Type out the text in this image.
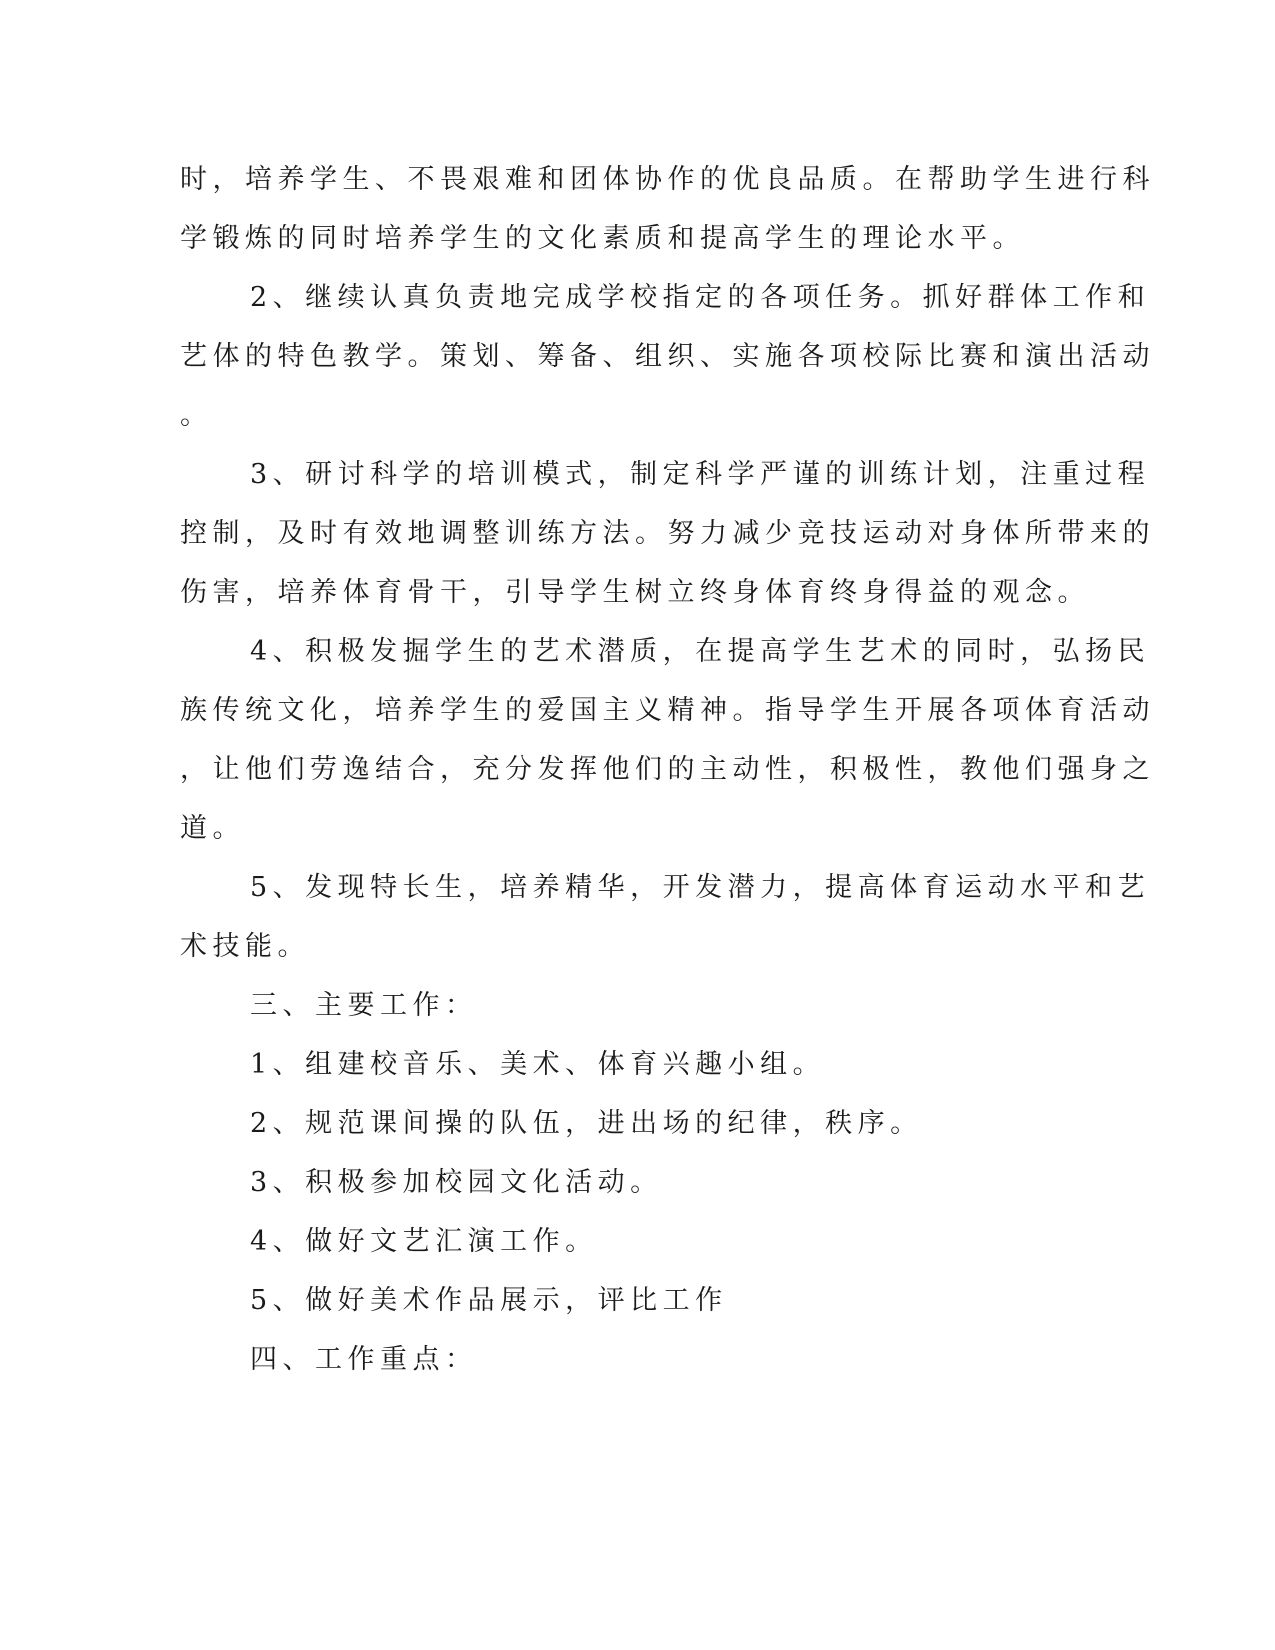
时，培养学生、不畏艰难和团体协作的优良品质。在帮助学生进行科
学锻炼的同时培养学生的文化素质和提高学生的理论水平。
2、继续认真负责地完成学校指定的各项任务。抓好群体工作和
艺体的特色教学。策划、筹备、组织、实施各项校际比赛和演出活动
。
3、研讨科学的培训模式，制定科学严谨的训练计划，注重过程
控制，及时有效地调整训练方法。努力减少竞技运动对身体所带来的
伤害，培养体育骨干，引导学生树立终身体育终身得益的观念。
4、积极发掘学生的艺术潜质，在提高学生艺术的同时，弘扬民
族传统文化，培养学生的爱国主义精神。指导学生开展各项体育活动
，让他们劳逸结合，充分发挥他们的主动性，积极性，教他们强身之
道。
5、发现特长生，培养精华，开发潜力，提高体育运动水平和艺
术技能。
三、主要工作：
1、组建校音乐、美术、体育兴趣小组。
2、规范课间操的队伍，进出场的纪律，秩序。
3、积极参加校园文化活动。
4、做好文艺汇演工作。
5、做好美术作品展示，评比工作
四、工作重点：
